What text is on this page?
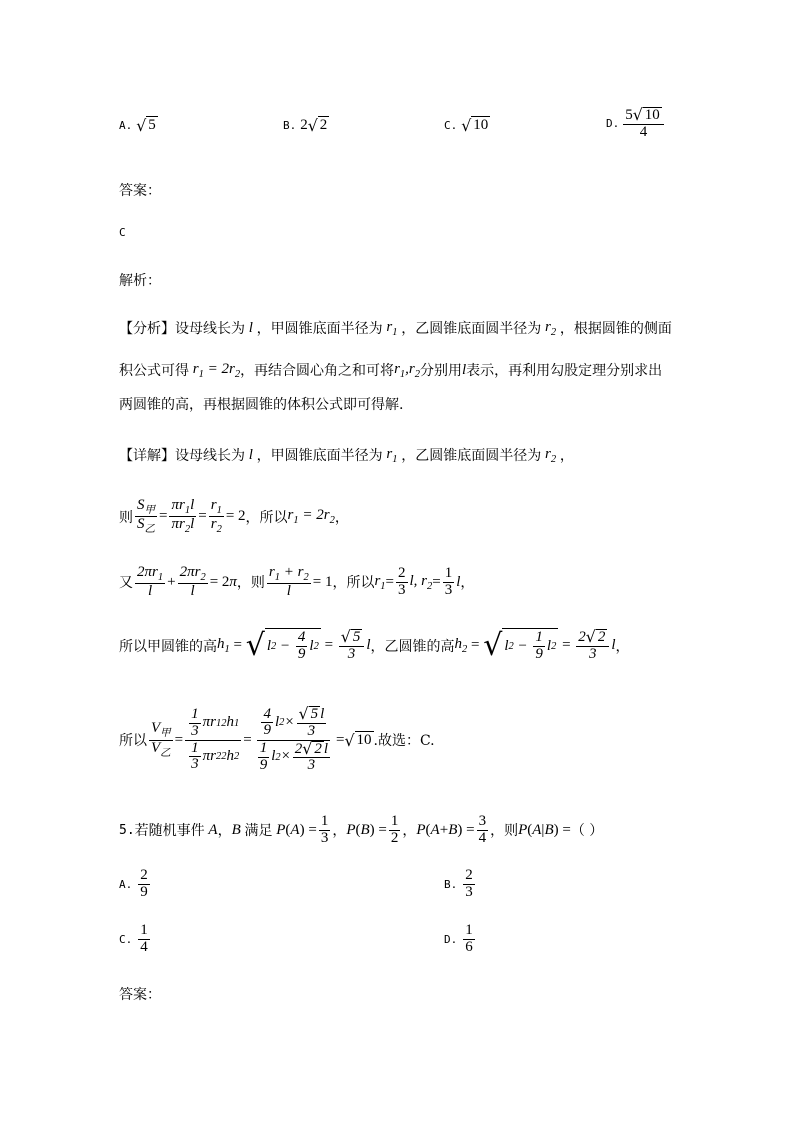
A. √ 5	B. 2 √ 2	C. √ 10	D. $\frac{5 √ 10}{4}$
答案：
C
解析：
【分析】 设母线长为 l ，甲圆锥底面半径为 $r_1$ ，乙圆锥底面圆半径为 $r_2$ ，根据圆锥的侧面
积公式可得 $r_1 = 2r_2$ ，再结合圆心角之和可将 $r_1,r_2$ 分别用 l 表示，再利用勾股定理分别求出
两圆锥的高，再根据圆锥的体积公式即可得解.
【详解】 设母线长为 l ，甲圆锥底面半径为 $r_1$ ，乙圆锥底面圆半径为 $r_2$ ，
则 $\frac{S_甲}{S_乙} = \frac{\pi r_1l}{\pi r_2l} = \frac{r_1}{r_2} = 2$ ，所以 $r_1 = 2r_2$ ，
又 $\frac{2\pi r_1}{l} + \frac{2\pi r_2}{l} = 2$ π ，则 $\frac{r_1 + r_2}{l} = 1$ ，所以 $r_1 = \frac{2}{3} l$, $r_2 = \frac{1}{3}$ l ，
所以甲圆锥的高 $h_1$ = √ l $2 - \frac{4}{9}$ l $2 = \frac{√ 5}{3}$ l ，乙圆锥的高 $h_2$ = √ l $2 - \frac{1}{9}$ l $2 = \frac{2 √ 2}{3}$ l ，
所以 $\frac{V_甲}{V_乙} = \frac{\frac{1}{3} \pi r 1 2 h 1}{\frac{1}{3} \pi r 2 2 h 2} = \frac{\frac{4}{9} l 2 \times \frac{√ 5 l}{3}}{\frac{1}{9} l 2 \times \frac{2 √ 2 l}{3}}$ = √ 10 .故选：C.
5. 若随机事件 A ， B 满足 P ( A ) = $\frac{1}{3}$ ， P ( B ) = $\frac{1}{2}$ ， P ( A + B ) = $\frac{3}{4}$ ，则 P ( A | B ) = （ ）
A. $\frac{2}{9}$	B. $\frac{2}{3}$
C. $\frac{1}{4}$	D. $\frac{1}{6}$
答案：
